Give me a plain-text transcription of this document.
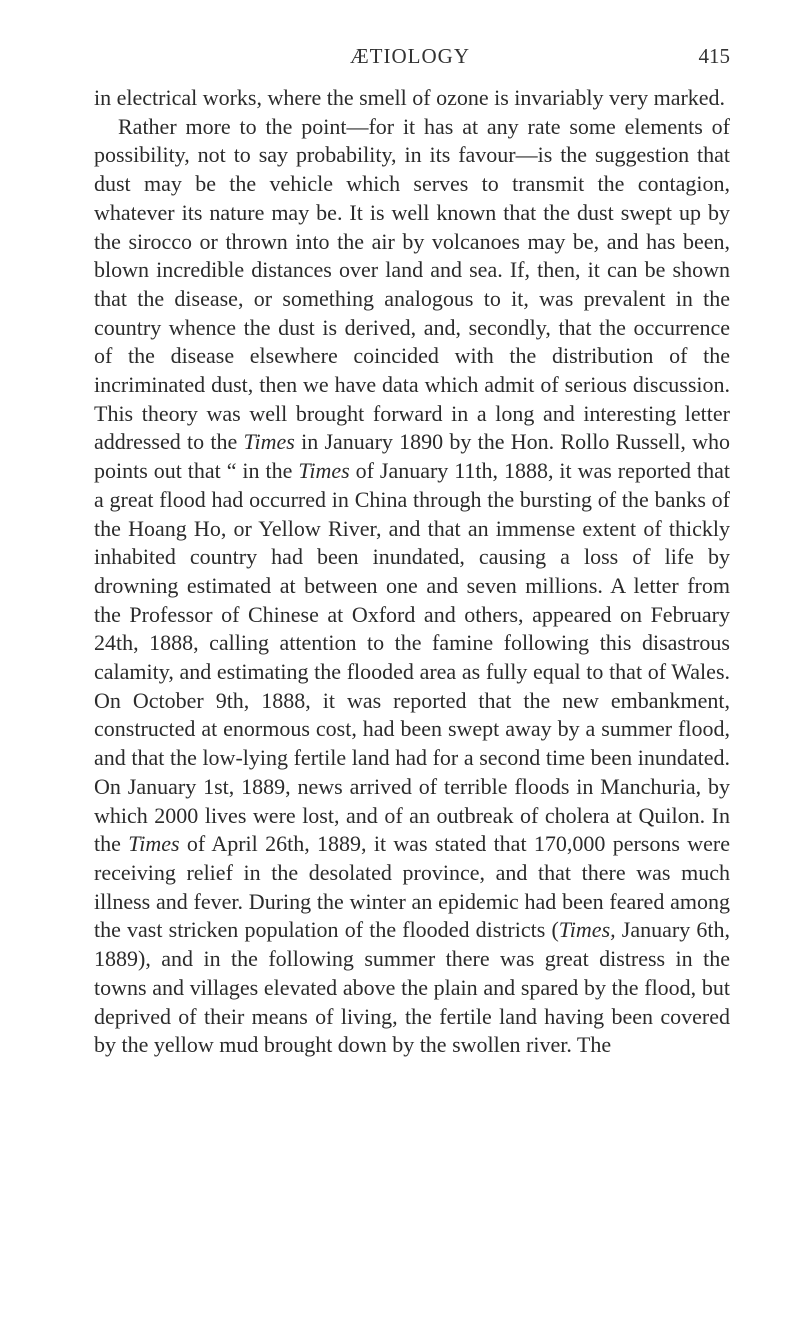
ÆTIOLOGY	415

in electrical works, where the smell of ozone is invariably very marked.

Rather more to the point—for it has at any rate some elements of possibility, not to say probability, in its favour—is the suggestion that dust may be the vehicle which serves to transmit the contagion, whatever its nature may be. It is well known that the dust swept up by the sirocco or thrown into the air by volcanoes may be, and has been, blown incredible distances over land and sea. If, then, it can be shown that the disease, or something analogous to it, was prevalent in the country whence the dust is derived, and, secondly, that the occurrence of the disease elsewhere coincided with the distribution of the incriminated dust, then we have data which admit of serious discussion. This theory was well brought forward in a long and interesting letter addressed to the Times in January 1890 by the Hon. Rollo Russell, who points out that “ in the Times of January 11th, 1888, it was reported that a great flood had occurred in China through the bursting of the banks of the Hoang Ho, or Yellow River, and that an immense extent of thickly inhabited country had been inundated, causing a loss of life by drowning estimated at between one and seven millions. A letter from the Professor of Chinese at Oxford and others, appeared on February 24th, 1888, calling attention to the famine following this disastrous calamity, and estimating the flooded area as fully equal to that of Wales. On October 9th, 1888, it was reported that the new embankment, constructed at enormous cost, had been swept away by a summer flood, and that the low-lying fertile land had for a second time been inundated. On January 1st, 1889, news arrived of terrible floods in Manchuria, by which 2000 lives were lost, and of an outbreak of cholera at Quilon. In the Times of April 26th, 1889, it was stated that 170,000 persons were receiving relief in the desolated province, and that there was much illness and fever. During the winter an epidemic had been feared among the vast stricken population of the flooded districts (Times, January 6th, 1889), and in the following summer there was great distress in the towns and villages elevated above the plain and spared by the flood, but deprived of their means of living, the fertile land having been covered by the yellow mud brought down by the swollen river. The
